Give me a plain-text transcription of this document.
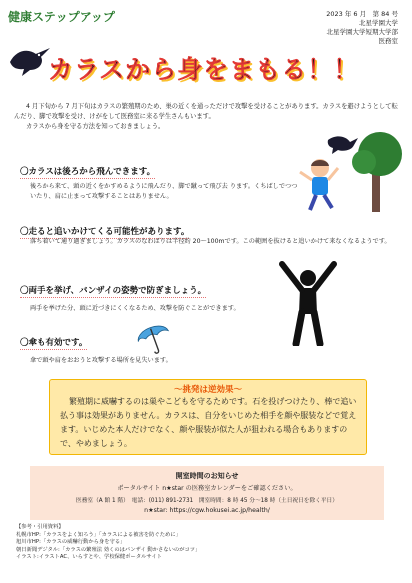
健康ステップアップ	2023 年 6 月　第 84 号
北星学園大学
北星学園大学短期大学部
医務室
カラスから身をまもる！！

4 月下旬から 7 月下旬はカラスの繁殖期のため、巣の近くを通っただけで攻撃を受けることがあります。カラスを避けようとして転んだり、脚で攻撃を受け、けがをして医務室に来る学生さんもいます。

カラスから身を守る方法を知っておきましょう。

〇カラスは後ろから飛んできます。
後ろから来て、頭の近くをかすめるように飛んだり、脚で蹴って飛び去 ります。くちばしでつついたり、肩に止まって攻撃することはありません。
〇走ると追いかけてくる可能性があります。
落ち着いて通り過ぎましょう。カラスのなわばりは半径約 20～100mです。この範囲を抜けると追いかけて来なくなるようです。
〇両手を挙げ、バンザイの姿勢で防ぎましょう。
両手を挙げた分、頭に近づきにくくなるため、攻撃を防ぐことができます。
〇傘も有効です。
傘で頭や肩をおおうと攻撃する場所を見失います。
～挑発は逆効果～
繁殖期に威嚇するのは巣やこどもを守るためです。石を投げつけたり、棒で追い払う事は効果がありません。カラスは、自分をいじめた相手を顔や服装などで覚えます。いじめた本人だけでなく、顔や服装が似た人が狙われる場合もありますので、やめましょう。
開室時間のお知らせ
ポータルサイト n★star の医務室カレンダーをご確認ください。
医務室（A 館 1 階）　電話：(011) 891-2731　開室時間：8 時 45 分～18 時（土日祝日を除く平日）
n★star: https://cgw.hokusei.ac.jp/health/
【参考・引用資料】
札幌市HP:「カラスをよく知ろう」「カラスによる被害を防ぐために」
旭川市HP:「カラスの威嚇行動から身を守る」
朝日新聞デジタル:「カラスの繁殖法 効くのはバンザイ 動かさないのがコツ」
イラスト:イラストAC、いらすとや、学校保健ポータルサイト
